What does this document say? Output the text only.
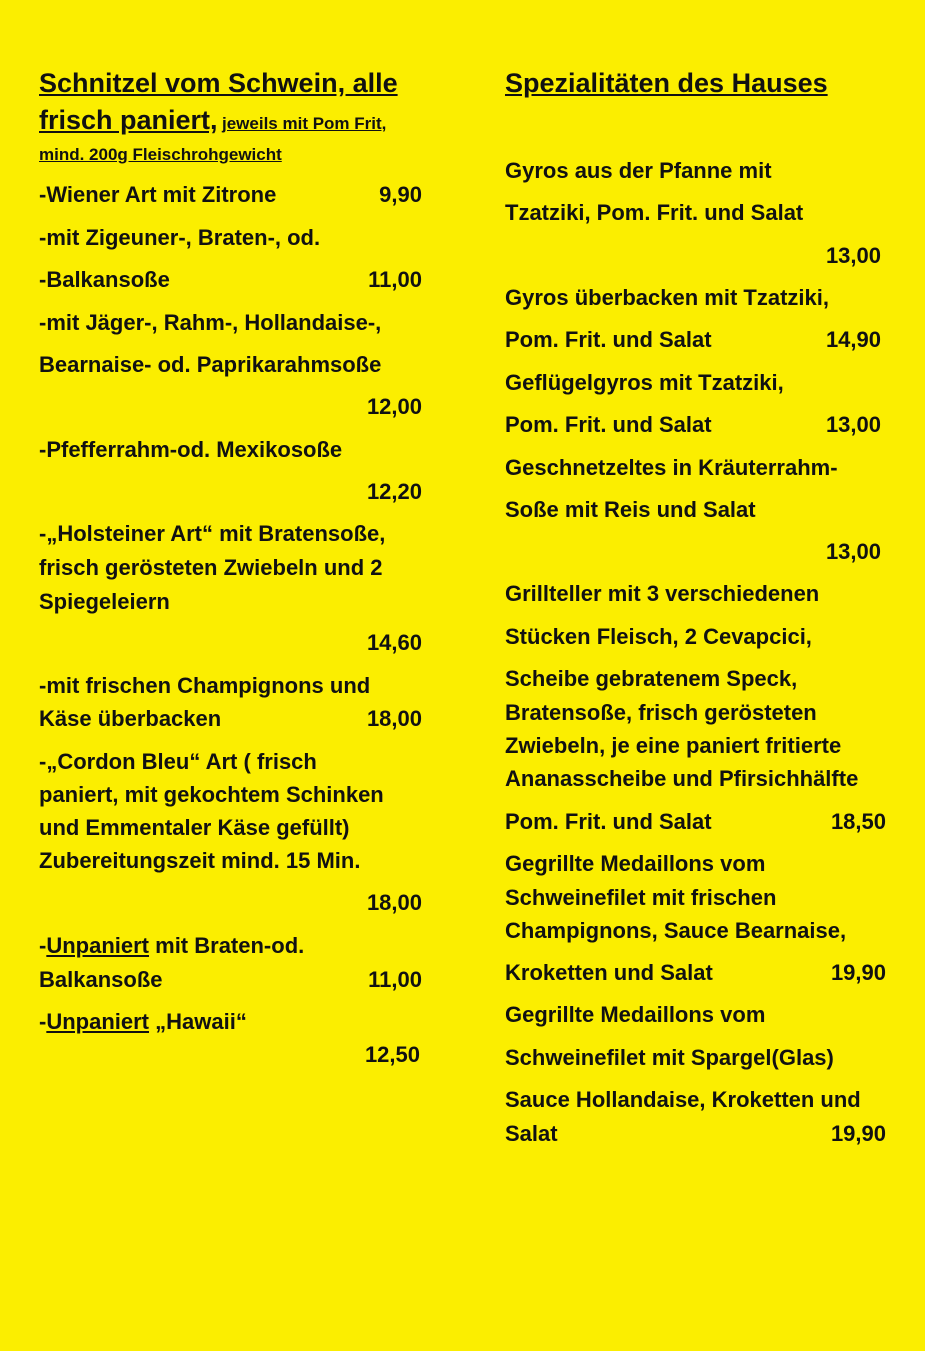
Schnitzel vom Schwein, alle
frisch paniert, jeweils mit Pom Frit,
mind. 200g Fleischrohgewicht
-Wiener Art mit Zitrone	9,90
-mit Zigeuner-, Braten-, od.
-Balkansoße	11,00
-mit Jäger-, Rahm-, Hollandaise-,
Bearnaise- od. Paprikarahmsoße
12,00
-Pfefferrahm-od. Mexikosoße
12,20
-„Holsteiner Art“ mit Bratensoße,
frisch gerösteten Zwiebeln und 2
Spiegeleiern
14,60
-mit frischen Champignons und
Käse überbacken	18,00
-„Cordon Bleu“ Art ( frisch
paniert, mit gekochtem Schinken
und Emmentaler Käse gefüllt)
Zubereitungszeit mind. 15 Min.
18,00
-Unpaniert mit Braten-od.
Balkansoße	11,00
-Unpaniert „Hawaii“
12,50
Spezialitäten des Hauses
Gyros aus der Pfanne mit
Tzatziki, Pom. Frit. und Salat
13,00
Gyros überbacken mit Tzatziki,
Pom. Frit. und Salat	14,90
Geflügelgyros mit Tzatziki,
Pom. Frit. und Salat	13,00
Geschnetzeltes in Kräuterrahm-
Soße mit Reis und Salat
13,00
Grillteller mit 3 verschiedenen
Stücken Fleisch, 2 Cevapcici,
Scheibe gebratenem Speck,
Bratensoße, frisch gerösteten
Zwiebeln, je eine paniert fritierte
Ananasscheibe und Pfirsichhälfte
Pom. Frit. und Salat	18,50
Gegrillte Medaillons vom
Schweinefilet mit frischen
Champignons, Sauce Bearnaise,
Kroketten und Salat	19,90
Gegrillte Medaillons vom
Schweinefilet mit Spargel(Glas)
Sauce Hollandaise, Kroketten und
Salat	19,90
